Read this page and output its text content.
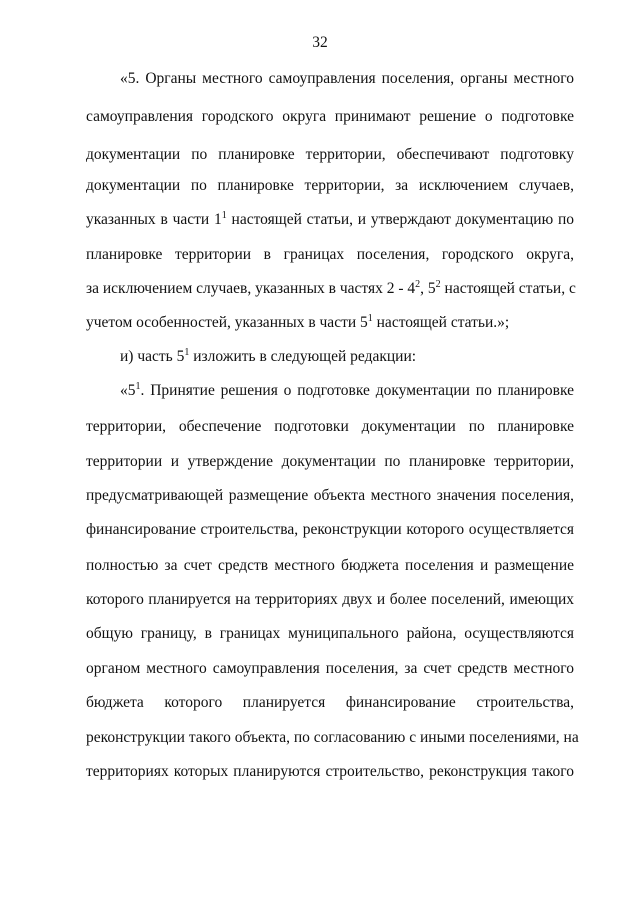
32
«5. Органы местного самоуправления поселения, органы местного
самоуправления городского округа принимают решение о подготовке
документации по планировке территории, обеспечивают подготовку
документации по планировке территории, за исключением случаев,
указанных в части $1^1$ настоящей статьи, и утверждают документацию по
планировке территории в границах поселения, городского округа,
за исключением случаев, указанных в частях $2 - 4^2$, $5^2$ настоящей статьи, с
учетом особенностей, указанных в части $5^1$ настоящей статьи.»;
и) часть $5^1$ изложить в следующей редакции:
«$5^1$. Принятие решения о подготовке документации по планировке
территории, обеспечение подготовки документации по планировке
территории и утверждение документации по планировке территории,
предусматривающей размещение объекта местного значения поселения,
финансирование строительства, реконструкции которого осуществляется
полностью за счет средств местного бюджета поселения и размещение
которого планируется на территориях двух и более поселений, имеющих
общую границу, в границах муниципального района, осуществляются
органом местного самоуправления поселения, за счет средств местного
бюджета которого планируется финансирование строительства,
реконструкции такого объекта, по согласованию с иными поселениями, на
территориях которых планируются строительство, реконструкция такого
